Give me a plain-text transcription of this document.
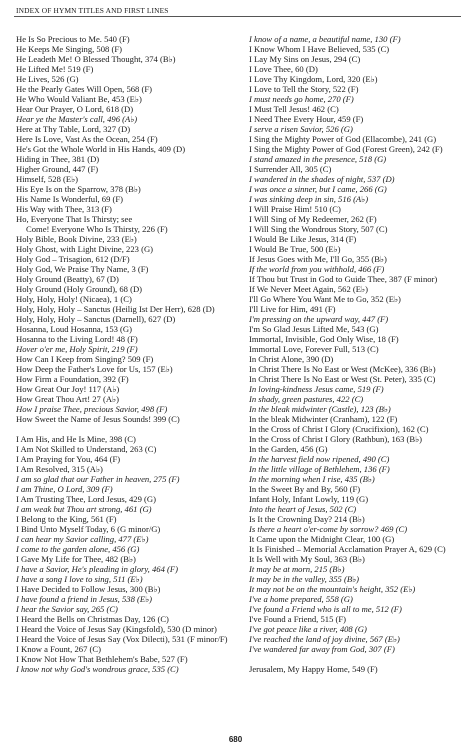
INDEX OF HYMN TITLES AND FIRST LINES
He Is So Precious to Me. 540 (F)
He Keeps Me Singing, 508 (F)
He Leadeth Me! O Blessed Thought, 374 (B♭)
He Lifted Me! 519 (F)
He Lives, 526 (G)
He the Pearly Gates Will Open, 568 (F)
He Who Would Valiant Be, 453 (E♭)
Hear Our Prayer, O Lord, 618 (D)
Hear ye the Master's call, 496 (A♭)
Here at Thy Table, Lord, 327 (D)
Here Is Love, Vast As the Ocean, 254 (F)
He's Got the Whole World in His Hands, 409 (D)
Hiding in Thee, 381 (D)
Higher Ground, 447 (F)
Himself, 528 (E♭)
His Eye Is on the Sparrow, 378 (B♭)
His Name Is Wonderful, 69 (F)
His Way with Thee, 313 (F)
Ho, Everyone That Is Thirsty; see
Come! Everyone Who Is Thirsty, 226 (F)
Holy Bible, Book Divine, 233 (E♭)
Holy Ghost, with Light Divine, 223 (G)
Holy God – Trisagion, 612 (D/F)
Holy God, We Praise Thy Name, 3 (F)
Holy Ground (Beatty), 67 (D)
Holy Ground (Holy Ground), 68 (D)
Holy, Holy, Holy! (Nicaea), 1 (C)
Holy, Holy, Holy – Sanctus (Heilig Ist Der Herr), 628 (D)
Holy, Holy, Holy – Sanctus (Darnell), 627 (D)
Hosanna, Loud Hosanna, 153 (G)
Hosanna to the Living Lord! 48 (F)
Hover o'er me, Holy Spirit, 219 (F)
How Can I Keep from Singing? 509 (F)
How Deep the Father's Love for Us, 157 (E♭)
How Firm a Foundation, 392 (F)
How Great Our Joy! 117 (A♭)
How Great Thou Art! 27 (A♭)
How I praise Thee, precious Savior, 498 (F)
How Sweet the Name of Jesus Sounds! 399 (C)
I Am His, and He Is Mine, 398 (C)
I Am Not Skilled to Understand, 263 (C)
I Am Praying for You, 464 (F)
I Am Resolved, 315 (A♭)
I am so glad that our Father in heaven, 275 (F)
I am Thine, O Lord, 309 (F)
I Am Trusting Thee, Lord Jesus, 429 (G)
I am weak but Thou art strong, 461 (G)
I Belong to the King, 561 (F)
I Bind Unto Myself Today, 6 (G minor/G)
I can hear my Savior calling, 477 (E♭)
I come to the garden alone, 456 (G)
I Gave My Life for Thee, 482 (B♭)
I have a Savior, He's pleading in glory, 464 (F)
I have a song I love to sing, 511 (E♭)
I Have Decided to Follow Jesus, 300 (B♭)
I have found a friend in Jesus, 538 (E♭)
I hear the Savior say, 265 (C)
I Heard the Bells on Christmas Day, 126 (C)
I Heard the Voice of Jesus Say (Kingsfold), 530 (D minor)
I Heard the Voice of Jesus Say (Vox Dilecti), 531 (F minor/F)
I Know a Fount, 267 (C)
I Know Not How That Bethlehem's Babe, 527 (F)
I know not why God's wondrous grace, 535 (C)
I know of a name, a beautiful name, 130 (F)
I Know Whom I Have Believed, 535 (C)
I Lay My Sins on Jesus, 294 (C)
I Love Thee, 60 (D)
I Love Thy Kingdom, Lord, 320 (E♭)
I Love to Tell the Story, 522 (F)
I must needs go home, 270 (F)
I Must Tell Jesus! 462 (C)
I Need Thee Every Hour, 459 (F)
I serve a risen Savior, 526 (G)
I Sing the Mighty Power of God (Ellacombe), 241 (G)
I Sing the Mighty Power of God (Forest Green), 242 (F)
I stand amazed in the presence, 518 (G)
I Surrender All, 305 (C)
I wandered in the shades of night, 537 (D)
I was once a sinner, but I came, 266 (G)
I was sinking deep in sin, 516 (A♭)
I Will Praise Him! 510 (C)
I Will Sing of My Redeemer, 262 (F)
I Will Sing the Wondrous Story, 507 (C)
I Would Be Like Jesus, 314 (F)
I Would Be True, 500 (E♭)
If Jesus Goes with Me, I'll Go, 355 (B♭)
If the world from you withhold, 466 (F)
If Thou but Trust in God to Guide Thee, 387 (F minor)
If We Never Meet Again, 562 (E♭)
I'll Go Where You Want Me to Go, 352 (E♭)
I'll Live for Him, 491 (F)
I'm pressing on the upward way, 447 (F)
I'm So Glad Jesus Lifted Me, 543 (G)
Immortal, Invisible, God Only Wise, 18 (F)
Immortal Love, Forever Full, 513 (C)
In Christ Alone, 390 (D)
In Christ There Is No East or West (McKee), 336 (B♭)
In Christ There Is No East or West (St. Peter), 335 (C)
In loving-kindness Jesus came, 519 (F)
In shady, green pastures, 422 (C)
In the bleak midwinter (Castle), 123 (B♭)
In the bleak Midwinter (Cranham), 122 (F)
In the Cross of Christ I Glory (Crucifixion), 162 (C)
In the Cross of Christ I Glory (Rathbun), 163 (B♭)
In the Garden, 456 (G)
In the harvest field now ripened, 490 (C)
In the little village of Bethlehem, 136 (F)
In the morning when I rise, 435 (B♭)
In the Sweet By and By, 560 (F)
Infant Holy, Infant Lowly, 119 (G)
Into the heart of Jesus, 502 (C)
Is It the Crowning Day? 214 (B♭)
Is there a heart o'er-come by sorrow? 469 (C)
It Came upon the Midnight Clear, 100 (G)
It Is Finished – Memorial Acclamation Prayer A, 629 (C)
It Is Well with My Soul, 363 (B♭)
It may be at morn, 215 (B♭)
It may be in the valley, 355 (B♭)
It may not be on the mountain's height, 352 (E♭)
I've a home prepared, 558 (G)
I've found a Friend who is all to me, 512 (F)
I've Found a Friend, 515 (F)
I've got peace like a river, 408 (G)
I've reached the land of joy divine, 567 (E♭)
I've wandered far away from God, 307 (F)
Jerusalem, My Happy Home, 549 (F)
680
